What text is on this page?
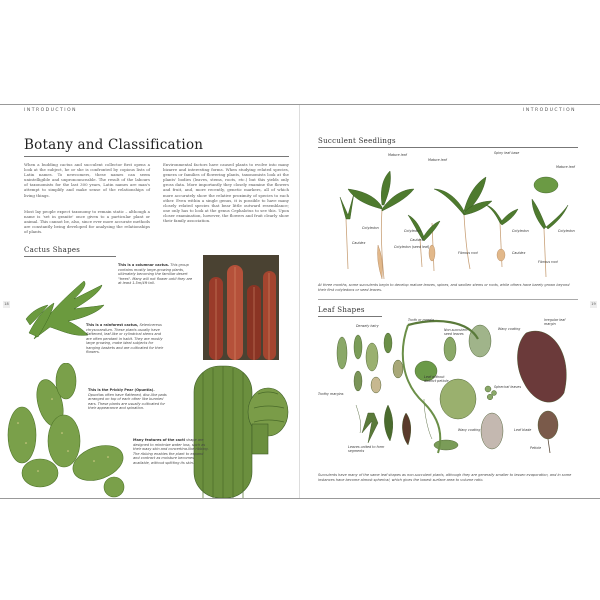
INTRODUCTION	INTRODUCTION
18	19
Botany and Classification

When a budding cactus and succulent collector first opens a look at the subject, he or she is confronted by copious lists of Latin names. To newcomers, these names can seem unintelligible and unpronounceable. The result of the labours of taxonomists for the last 300 years, Latin names are man's attempt to simplify and make sense of the relationships of living things.

Most lay people expect taxonomy to remain static – although a name is 'set in granite' once given to a particular plant or animal. This cannot be, also, since ever more accurate methods are constantly being developed for analysing the relationships of plants.

Environmental factors have caused plants to evolve into many bizarre and interesting forms. When studying related species, genera or families of flowering plants, taxonomists look at the plants' bodies (leaves, stems, roots, etc.) but this yields only gross data. More importantly they closely examine the flowers and fruit, and, more recently, genetic markers, all of which more accurately show the relative proximity of species to each other. Even within a single genus, it is possible to have many closely related species that bear little outward resemblance; one only has to look at the genus Cephalotus to see this. Upon closer examination, however, the flowers and fruit clearly show their family association.

Cactus Shapes

This is a columnar cactus. This group contains mostly large-growing plants, ultimately becoming the familiar desert "trees". Many will not flower until they are at least 1.5m/4ft tall.

This is a rainforest cactus, Selenicereus chrysocardium. These plants usually have flattened, leaf-like or cylindrical stems and are often pendant in habit. They are mostly large growing, make ideal subjects for hanging baskets and are cultivated for their flowers.

This is the Prickly Pear (Opuntia). Opuntias often have flattened, disc-like pads arranged on top of each other like bunnies' ears. These plants are usually cultivated for their appearance and spination.

Many features of the cacti shape are designed to minimize water loss, such as their waxy skin and concertina-like ribbing. The ribbing enables the plant to expand and contract as moisture becomes available, without splitting its skin.

Succulent Seedlings
Mature leaf
Mature leaf
Spiny leaf base
Mature leaf
Cotyledon
Cotyledon	Cotyledon	Cotyledon
Cotyledon (seed leaf)
Fibrous root
Fibrous root
Cauldex
Cauldex
Cauldex

At three months, some succulents begin to develop mature leaves, spines, and swollen stems or roots, while others have barely grown beyond their first cotyledons or seed leaves.

Leaf Shapes
Densely hairy
Tooth or margin
Non-succulent seed leaves
Wavy coating
Irregular leaf margin
Toothy margins
Leaf without distinct petiole
Spherical leaves
Wavy coating	Leaf blade
Petiole
Leaves united to form segments

Succulents have many of the same leaf shapes as non-succulent plants, although they are generally smaller to lessen evaporation, and in some instances have become almost spherical, which gives the lowest surface area to volume ratio.
